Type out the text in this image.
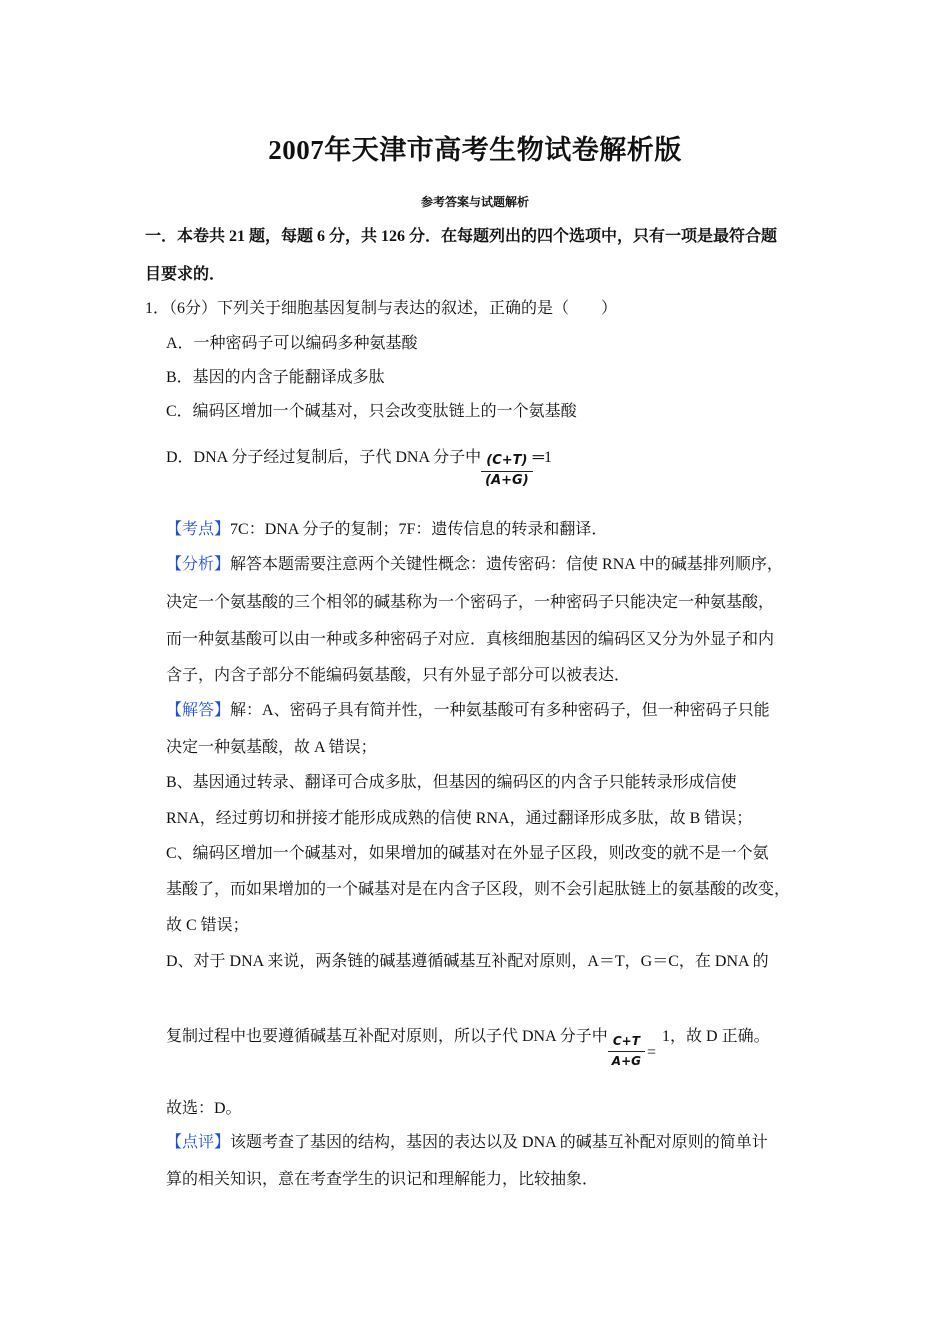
2007年天津市高考生物试卷解析版
参考答案与试题解析
一．本卷共 21 题，每题 6 分，共 126 分．在每题列出的四个选项中，只有一项是最符合题
目要求的．
1．（6分）下列关于细胞基因复制与表达的叙述，正确的是（　　）
A．一种密码子可以编码多种氨基酸
B．基因的内含子能翻译成多肽
C．编码区增加一个碱基对，只会改变肽链上的一个氨基酸
D．DNA 分子经过复制后，子代 DNA 分子中 $\frac{(C+T)}{(A+G)}$ ═1
【考点】7C：DNA 分子的复制；7F：遗传信息的转录和翻译．
【分析】解答本题需要注意两个关键性概念：遗传密码：信使 RNA 中的碱基排列顺序，
决定一个氨基酸的三个相邻的碱基称为一个密码子，一种密码子只能决定一种氨基酸，
而一种氨基酸可以由一种或多种密码子对应．真核细胞基因的编码区又分为外显子和内
含子，内含子部分不能编码氨基酸，只有外显子部分可以被表达．
【解答】解：A、密码子具有简并性，一种氨基酸可有多种密码子，但一种密码子只能
决定一种氨基酸，故 A 错误；
B、基因通过转录、翻译可合成多肽，但基因的编码区的内含子只能转录形成信使
RNA，经过剪切和拼接才能形成成熟的信使 RNA，通过翻译形成多肽，故 B 错误；
C、编码区增加一个碱基对，如果增加的碱基对在外显子区段，则改变的就不是一个氨
基酸了，而如果增加的一个碱基对是在内含子区段，则不会引起肽链上的氨基酸的改变，
故 C 错误；
D、对于 DNA 来说，两条链的碱基遵循碱基互补配对原则，A＝T，G＝C，在 DNA 的
复制过程中也要遵循碱基互补配对原则，所以子代 DNA 分子中 $\frac{C+T}{A+G} =1$，故 D 正确。
故选：D。
【点评】该题考查了基因的结构，基因的表达以及 DNA 的碱基互补配对原则的简单计
算的相关知识，意在考查学生的识记和理解能力，比较抽象．
